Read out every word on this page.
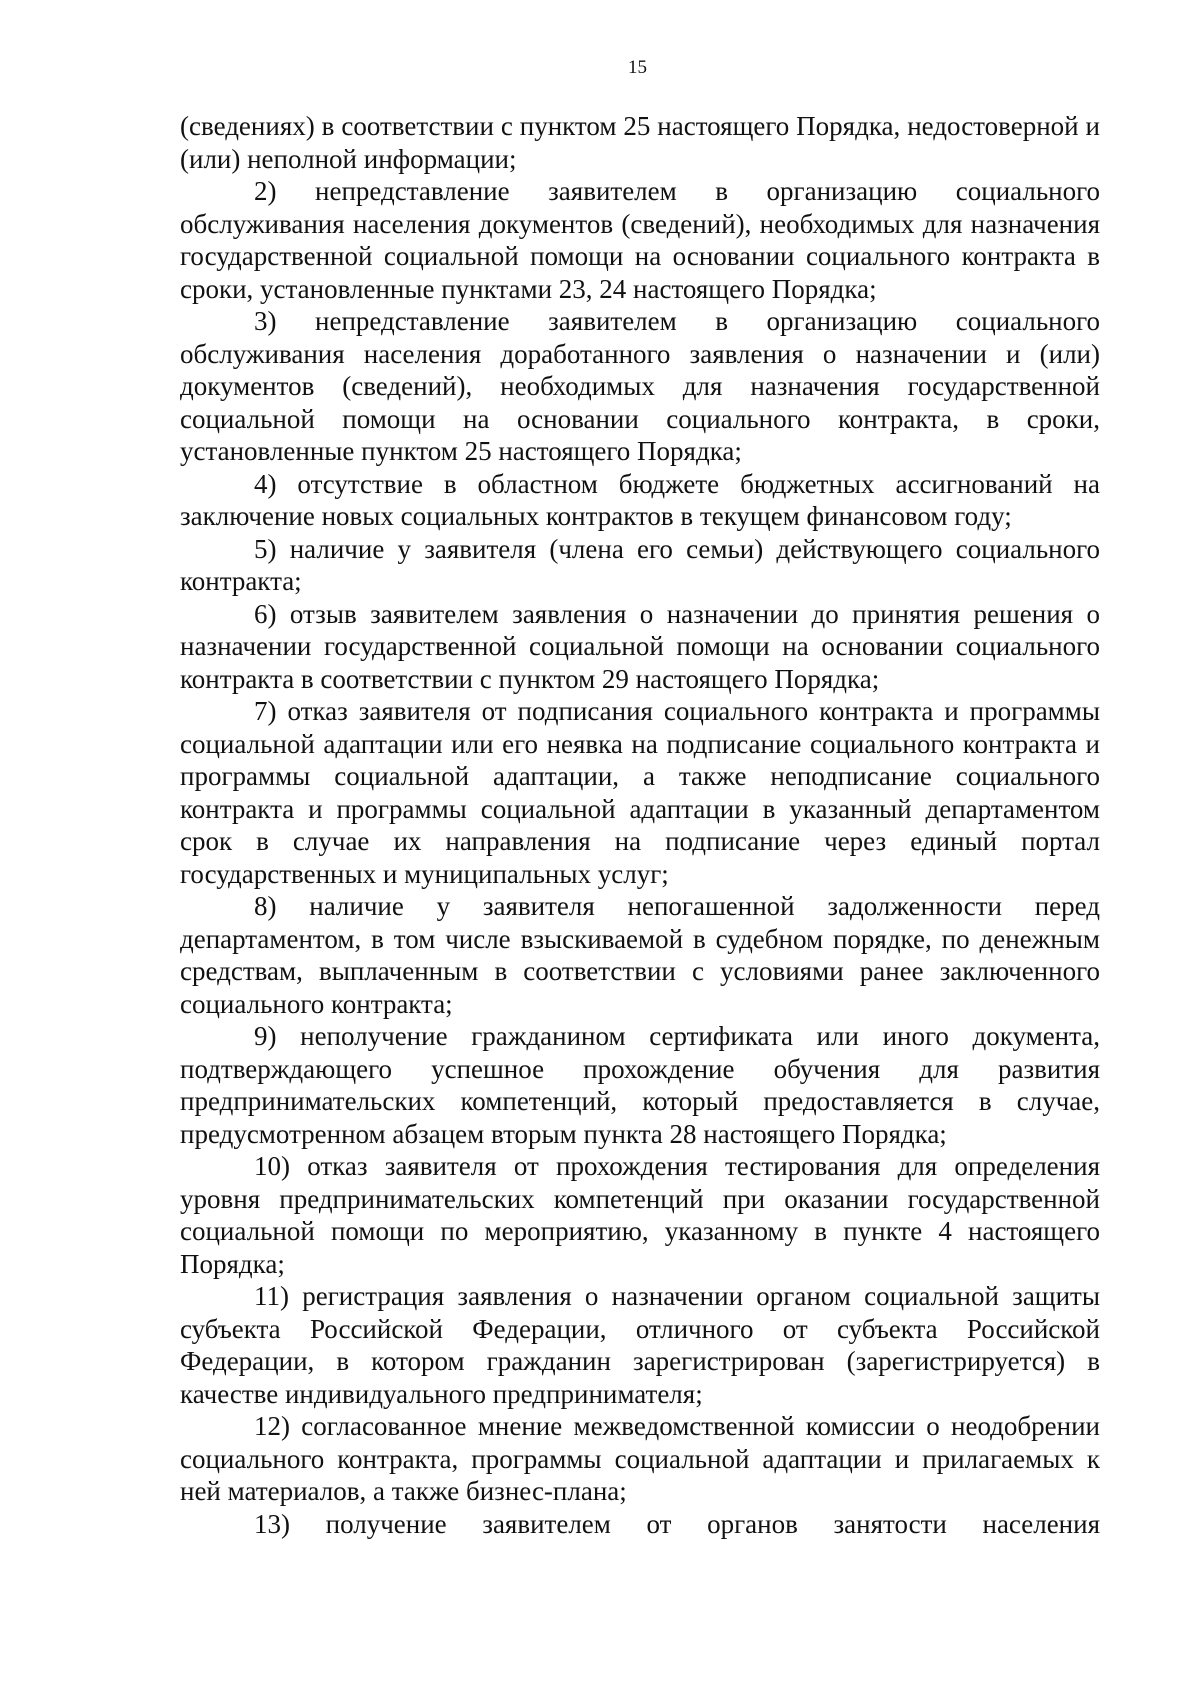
15

(сведениях) в соответствии с пунктом 25 настоящего Порядка, недостоверной и (или) неполной информации;

2) непредставление заявителем в организацию социального обслуживания населения документов (сведений), необходимых для назначения государственной социальной помощи на основании социального контракта в сроки, установленные пунктами 23, 24 настоящего Порядка;

3) непредставление заявителем в организацию социального обслуживания населения доработанного заявления о назначении и (или) документов (сведений), необходимых для назначения государственной социальной помощи на основании социального контракта, в сроки, установленные пунктом 25 настоящего Порядка;

4) отсутствие в областном бюджете бюджетных ассигнований на заключение новых социальных контрактов в текущем финансовом году;

5) наличие у заявителя (члена его семьи) действующего социального контракта;

6) отзыв заявителем заявления о назначении до принятия решения о назначении государственной социальной помощи на основании социального контракта в соответствии с пунктом 29 настоящего Порядка;

7) отказ заявителя от подписания социального контракта и программы социальной адаптации или его неявка на подписание социального контракта и программы социальной адаптации, а также неподписание социального контракта и программы социальной адаптации в указанный департаментом срок в случае их направления на подписание через единый портал государственных и муниципальных услуг;

8) наличие у заявителя непогашенной задолженности перед департаментом, в том числе взыскиваемой в судебном порядке, по денежным средствам, выплаченным в соответствии с условиями ранее заключенного социального контракта;

9) неполучение гражданином сертификата или иного документа, подтверждающего успешное прохождение обучения для развития предпринимательских компетенций, который предоставляется в случае, предусмотренном абзацем вторым пункта 28 настоящего Порядка;

10) отказ заявителя от прохождения тестирования для определения уровня предпринимательских компетенций при оказании государственной социальной помощи по мероприятию, указанному в пункте 4 настоящего Порядка;

11) регистрация заявления о назначении органом социальной защиты субъекта Российской Федерации, отличного от субъекта Российской Федерации, в котором гражданин зарегистрирован (зарегистрируется) в качестве индивидуального предпринимателя;

12) согласованное мнение межведомственной комиссии о неодобрении социального контракта, программы социальной адаптации и прилагаемых к ней материалов, а также бизнес-плана;

13) получение заявителем от органов занятости населения
